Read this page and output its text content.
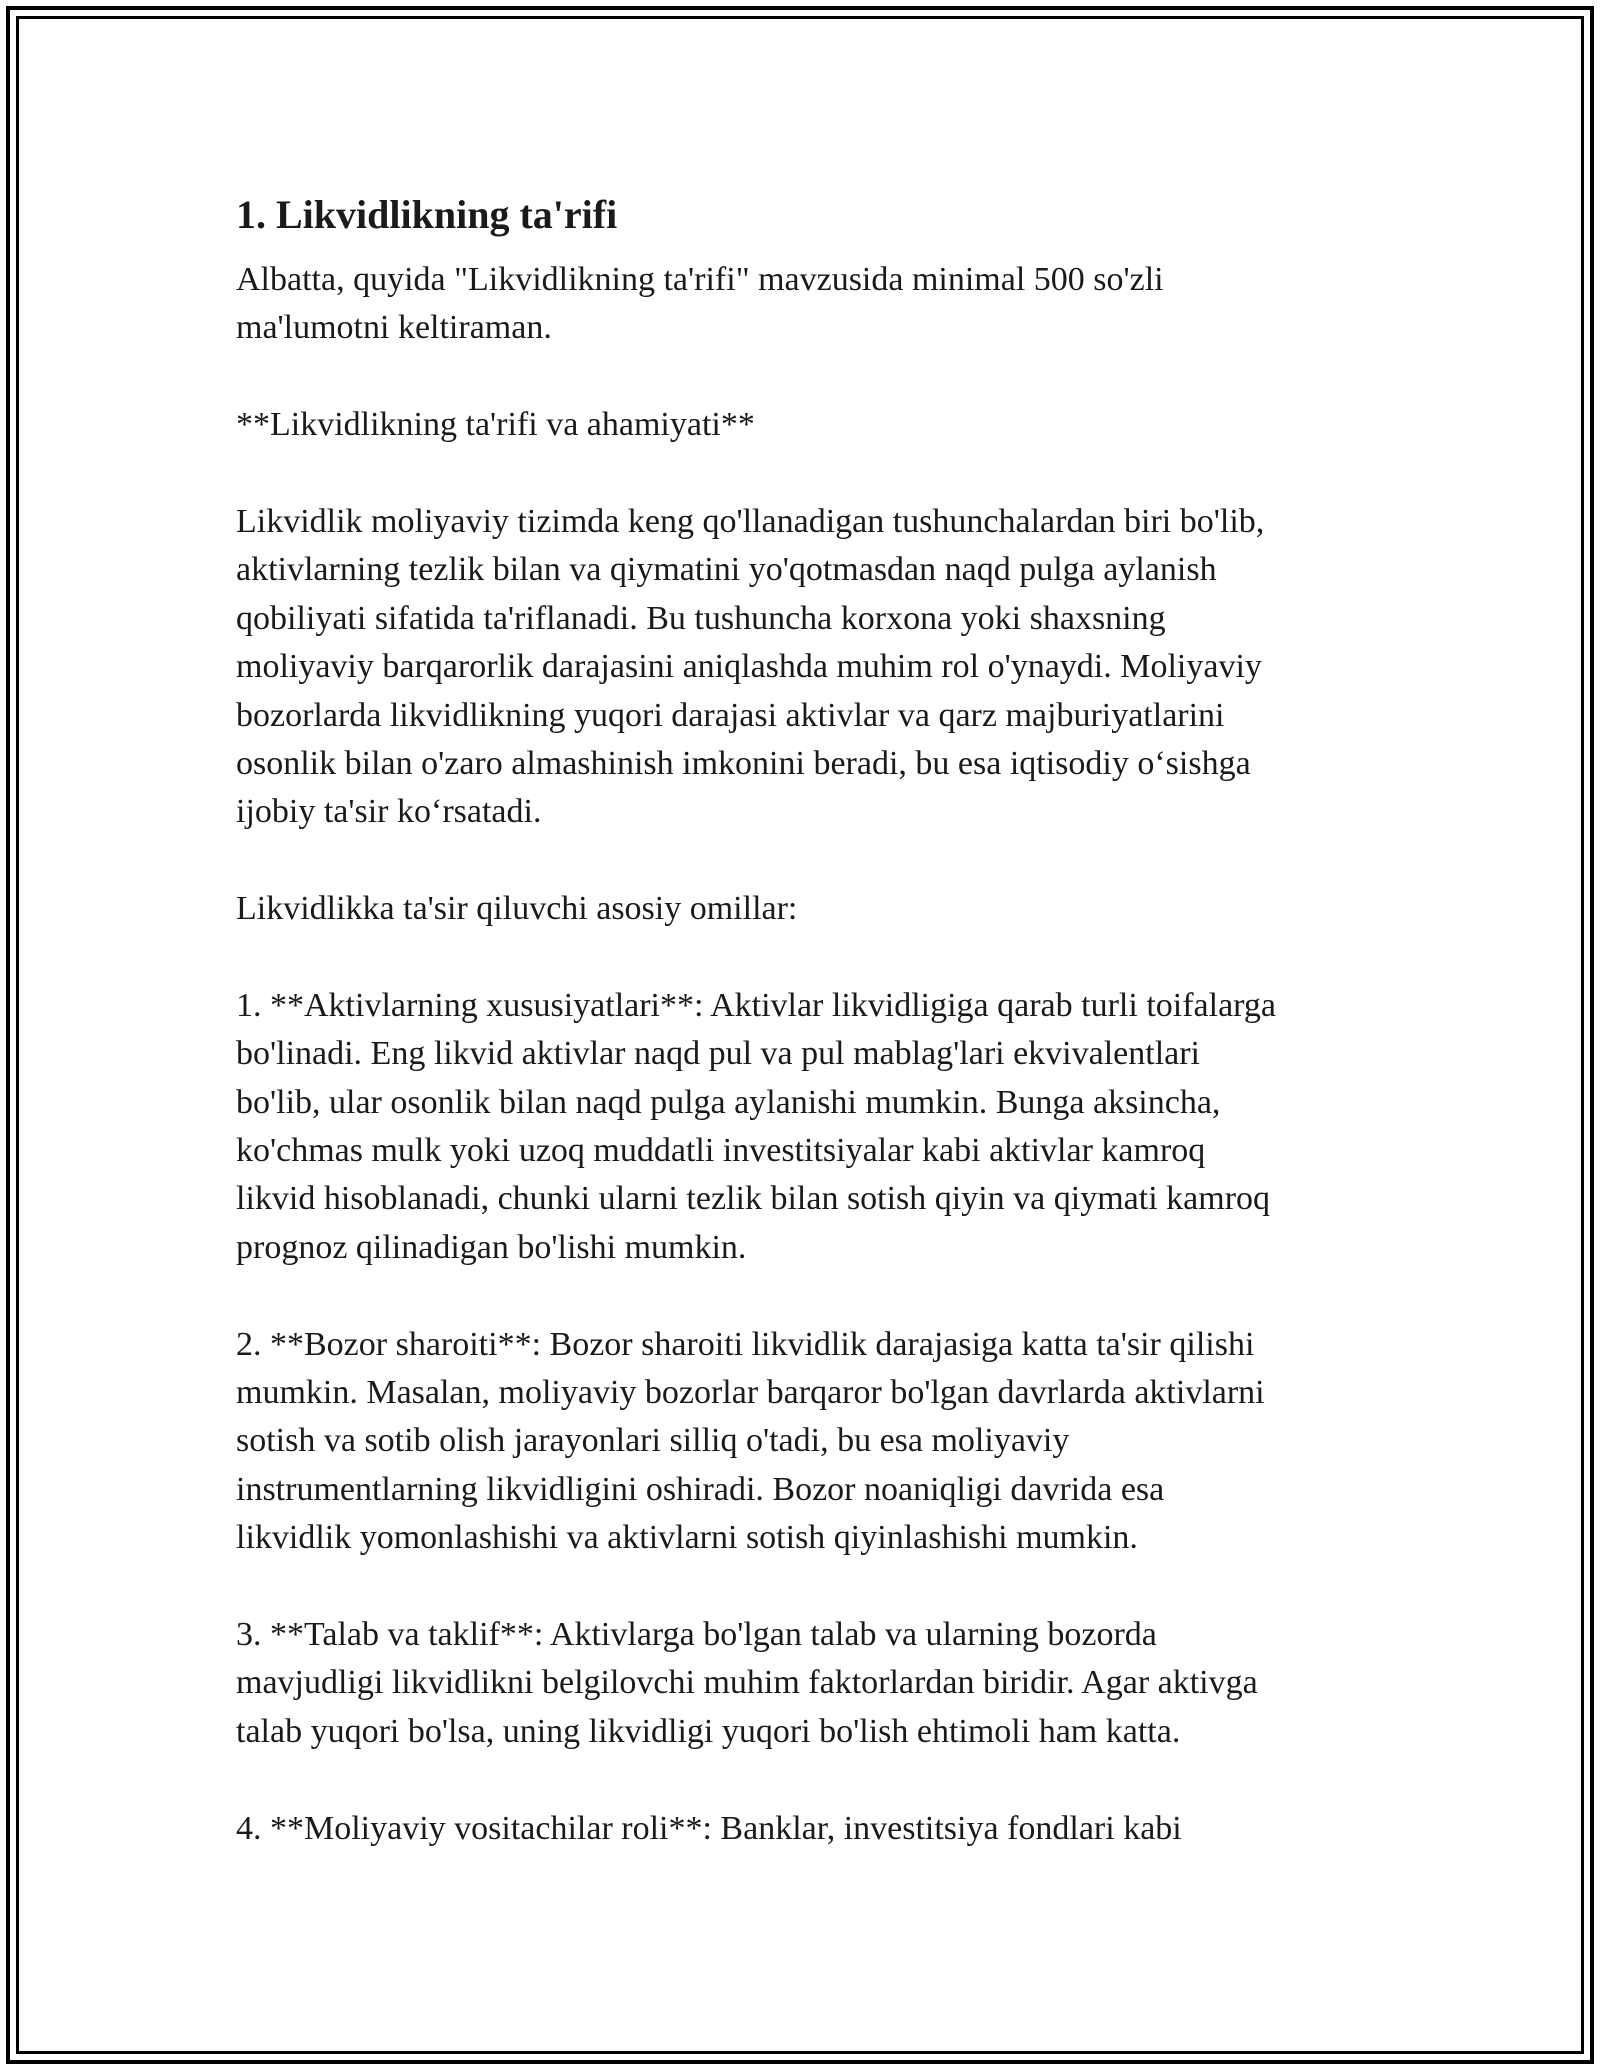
1. Likvidlikning ta'rifi
Albatta, quyida "Likvidlikning ta'rifi" mavzusida minimal 500 so'zli
ma'lumotni keltiraman.
**Likvidlikning ta'rifi va ahamiyati**
Likvidlik moliyaviy tizimda keng qo'llanadigan tushunchalardan biri bo'lib,
aktivlarning tezlik bilan va qiymatini yo'qotmasdan naqd pulga aylanish
qobiliyati sifatida ta'riflanadi. Bu tushuncha korxona yoki shaxsning
moliyaviy barqarorlik darajasini aniqlashda muhim rol o'ynaydi. Moliyaviy
bozorlarda likvidlikning yuqori darajasi aktivlar va qarz majburiyatlarini
osonlik bilan o'zaro almashinish imkonini beradi, bu esa iqtisodiy o‘sishga
ijobiy ta'sir ko‘rsatadi.
Likvidlikka ta'sir qiluvchi asosiy omillar:
1. **Aktivlarning xususiyatlari**: Aktivlar likvidligiga qarab turli toifalarga
bo'linadi. Eng likvid aktivlar naqd pul va pul mablag'lari ekvivalentlari
bo'lib, ular osonlik bilan naqd pulga aylanishi mumkin. Bunga aksincha,
ko'chmas mulk yoki uzoq muddatli investitsiyalar kabi aktivlar kamroq
likvid hisoblanadi, chunki ularni tezlik bilan sotish qiyin va qiymati kamroq
prognoz qilinadigan bo'lishi mumkin.
2. **Bozor sharoiti**: Bozor sharoiti likvidlik darajasiga katta ta'sir qilishi
mumkin. Masalan, moliyaviy bozorlar barqaror bo'lgan davrlarda aktivlarni
sotish va sotib olish jarayonlari silliq o'tadi, bu esa moliyaviy
instrumentlarning likvidligini oshiradi. Bozor noaniqligi davrida esa
likvidlik yomonlashishi va aktivlarni sotish qiyinlashishi mumkin.
3. **Talab va taklif**: Aktivlarga bo'lgan talab va ularning bozorda
mavjudligi likvidlikni belgilovchi muhim faktorlardan biridir. Agar aktivga
talab yuqori bo'lsa, uning likvidligi yuqori bo'lish ehtimoli ham katta.
4. **Moliyaviy vositachilar roli**: Banklar, investitsiya fondlari kabi
